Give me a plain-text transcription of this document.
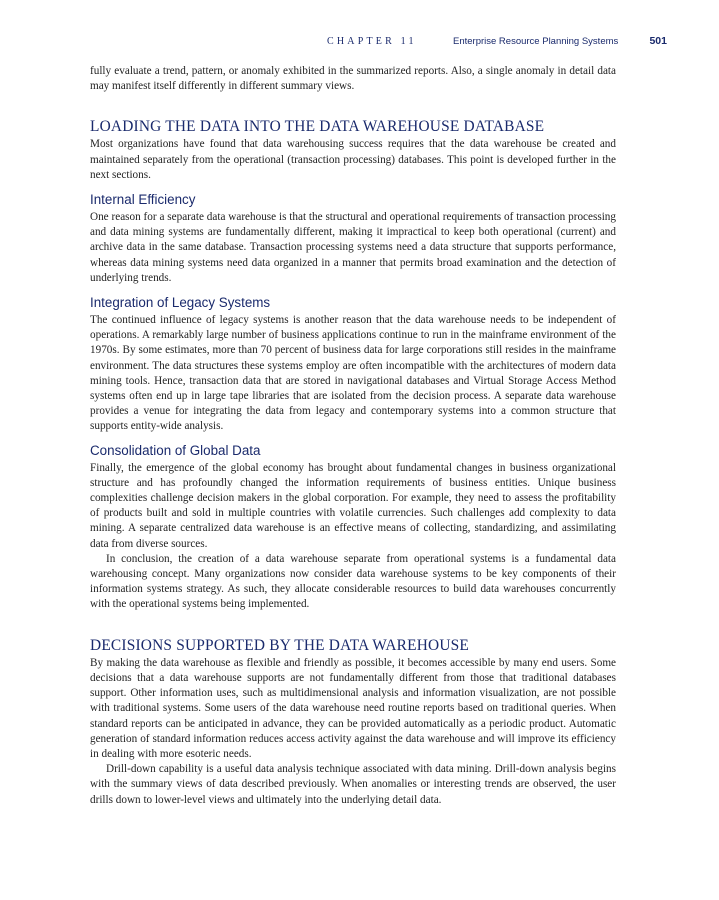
CHAPTER 11	Enterprise Resource Planning Systems	501

fully evaluate a trend, pattern, or anomaly exhibited in the summarized reports. Also, a single anomaly in detail data may manifest itself differently in different summary views.

LOADING THE DATA INTO THE DATA WAREHOUSE DATABASE

Most organizations have found that data warehousing success requires that the data warehouse be created and maintained separately from the operational (transaction processing) databases. This point is developed further in the next sections.

Internal Efficiency

One reason for a separate data warehouse is that the structural and operational requirements of transaction processing and data mining systems are fundamentally different, making it impractical to keep both operational (current) and archive data in the same database. Transaction processing systems need a data structure that supports performance, whereas data mining systems need data organized in a manner that permits broad examination and the detection of underlying trends.

Integration of Legacy Systems

The continued influence of legacy systems is another reason that the data warehouse needs to be independent of operations. A remarkably large number of business applications continue to run in the mainframe environment of the 1970s. By some estimates, more than 70 percent of business data for large corporations still resides in the mainframe environment. The data structures these systems employ are often incompatible with the architectures of modern data mining tools. Hence, transaction data that are stored in navigational databases and Virtual Storage Access Method systems often end up in large tape libraries that are isolated from the decision process. A separate data warehouse provides a venue for integrating the data from legacy and contemporary systems into a common structure that supports entity-wide analysis.

Consolidation of Global Data

Finally, the emergence of the global economy has brought about fundamental changes in business organizational structure and has profoundly changed the information requirements of business entities. Unique business complexities challenge decision makers in the global corporation. For example, they need to assess the profitability of products built and sold in multiple countries with volatile currencies. Such challenges add complexity to data mining. A separate centralized data warehouse is an effective means of collecting, standardizing, and assimilating data from diverse sources.

In conclusion, the creation of a data warehouse separate from operational systems is a fundamental data warehousing concept. Many organizations now consider data warehouse systems to be key components of their information systems strategy. As such, they allocate considerable resources to build data warehouses concurrently with the operational systems being implemented.

DECISIONS SUPPORTED BY THE DATA WAREHOUSE

By making the data warehouse as flexible and friendly as possible, it becomes accessible by many end users. Some decisions that a data warehouse supports are not fundamentally different from those that traditional databases support. Other information uses, such as multidimensional analysis and information visualization, are not possible with traditional systems. Some users of the data warehouse need routine reports based on traditional queries. When standard reports can be anticipated in advance, they can be provided automatically as a periodic product. Automatic generation of standard information reduces access activity against the data warehouse and will improve its efficiency in dealing with more esoteric needs.

Drill-down capability is a useful data analysis technique associated with data mining. Drill-down analysis begins with the summary views of data described previously. When anomalies or interesting trends are observed, the user drills down to lower-level views and ultimately into the underlying detail data.
